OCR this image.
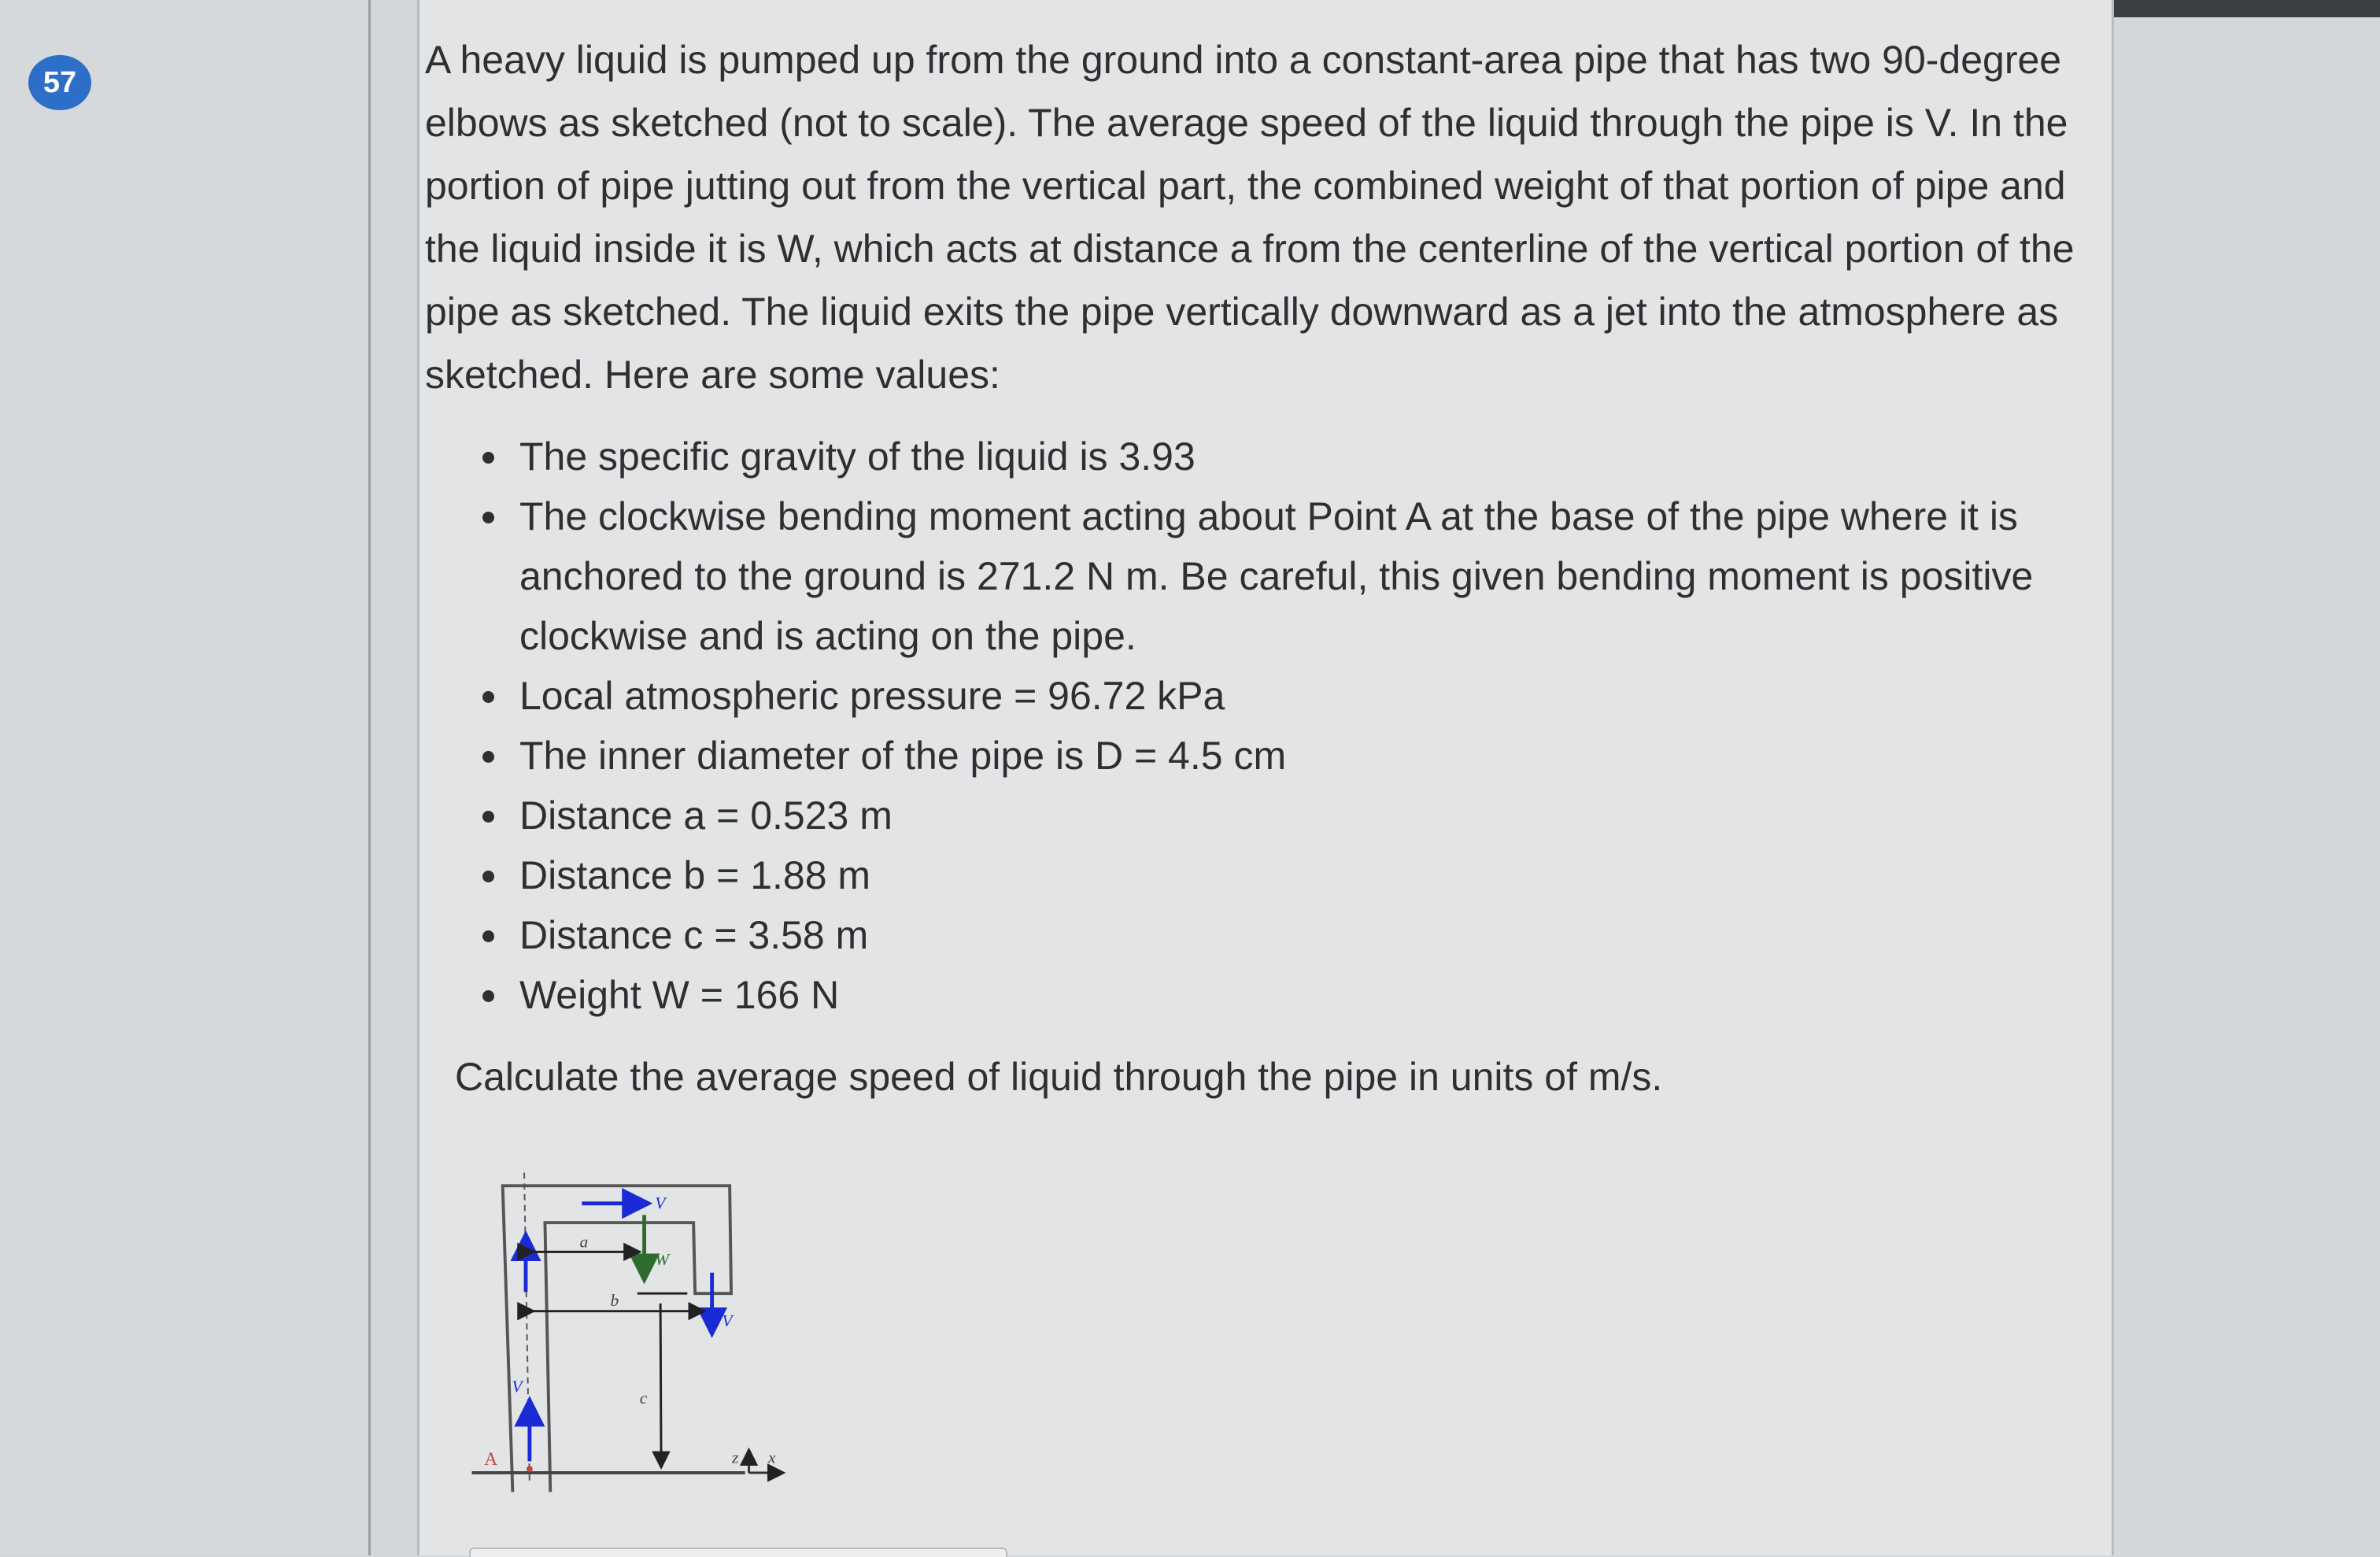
57

A heavy liquid is pumped up from the ground into a constant-area pipe that has two 90-degree elbows as sketched (not to scale). The average speed of the liquid through the pipe is V. In the portion of pipe jutting out from the vertical part, the combined weight of that portion of pipe and the liquid inside it is W, which acts at distance a from the centerline of the vertical portion of the pipe as sketched. The liquid exits the pipe vertically downward as a jet into the atmosphere as sketched. Here are some values:

• The specific gravity of the liquid is 3.93
• The clockwise bending moment acting about Point A at the base of the pipe where it is anchored to the ground is 271.2 N m. Be careful, this given bending moment is positive clockwise and is acting on the pipe.
• Local atmospheric pressure = 96.72 kPa
• The inner diameter of the pipe is D = 4.5 cm
• Distance a = 0.523 m
• Distance b = 1.88 m
• Distance c = 3.58 m
• Weight W = 166 N

Calculate the average speed of liquid through the pipe in units of m/s.

V
W
a
b
c
V
V
z x
A
